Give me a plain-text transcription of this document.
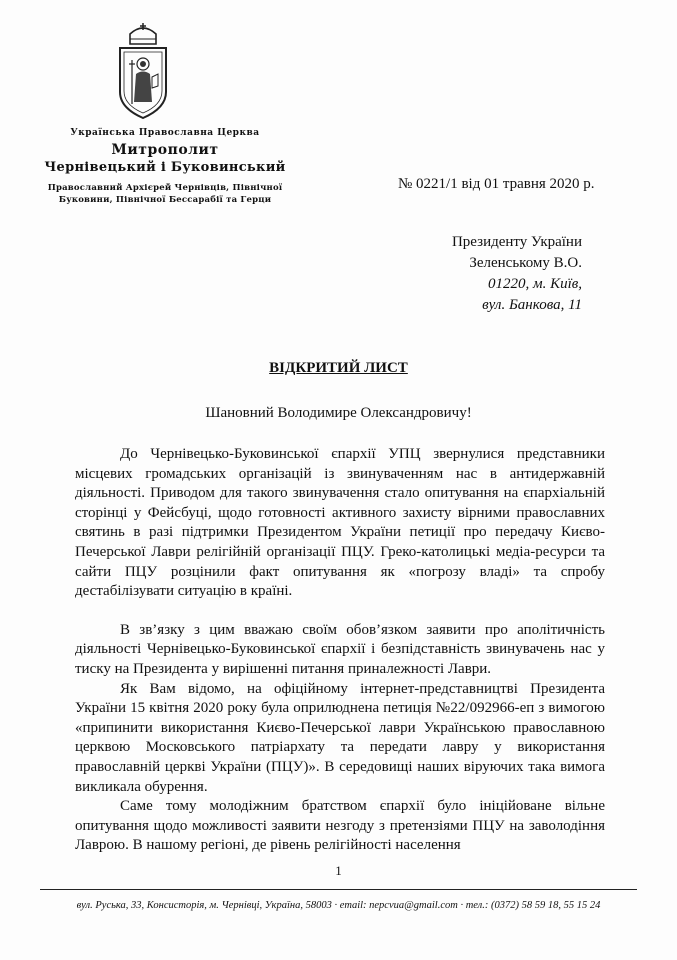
Українська Православна Церква
Митрополит
Чернівецький і Буковинський
Православний Архієрей Чернівців, Північної
Буковини, Північної Бессарабії та Герци
№ 0221/1 від 01 травня 2020 р.
Президенту України
Зеленському В.О.
01220, м. Київ,
вул. Банкова, 11
ВІДКРИТИЙ ЛИСТ
Шановний Володимире Олександровичу!

До Чернівецько-Буковинської єпархії УПЦ звернулися представники місцевих громадських організацій із звинуваченням нас в антидержавній діяльності. Приводом для такого звинувачення стало опитування на єпархіальній сторінці у Фейсбуці, щодо готовності активного захисту вірними православних святинь в разі підтримки Президентом України петиції про передачу Києво-Печерської Лаври релігійній організації ПЦУ. Греко-католицькі медіа-ресурси та сайти ПЦУ розцінили факт опитування як «погрозу владі» та спробу дестабілізувати ситуацію в країні.

В зв’язку з цим вважаю своїм обов’язком заявити про аполітичність діяльності Чернівецько-Буковинської єпархії і безпідставність звинувачень нас у тиску на Президента у вирішенні питання приналежності Лаври.

Як Вам відомо, на офіційному інтернет-представництві Президента України 15 квітня 2020 року була оприлюднена петиція №22/092966-еп з вимогою «припинити використання Києво-Печерської лаври Українською православною церквою Московського патріархату та передати лавру у використання православній церкві України (ПЦУ)». В середовищі наших віруючих така вимога викликала обурення.

Саме тому молодіжним братством єпархії було ініційоване вільне опитування щодо можливості заявити незгоду з претензіями ПЦУ на заволодіння Лаврою. В нашому регіоні, де рівень релігійності населення

1
вул. Руська, 33, Консисторія, м. Чернівці, Україна, 58003 · email: nepcvua@gmail.com · тел.: (0372) 58 59 18, 55 15 24
